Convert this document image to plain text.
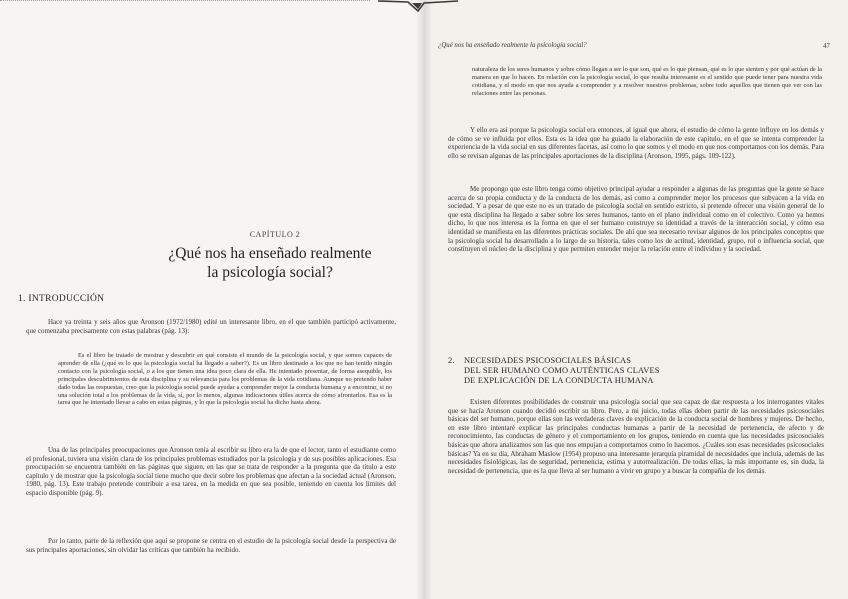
CAPÍTULO 2
¿Qué nos ha enseñado realmente
la psicología social?
1. INTRODUCCIÓN

Hace ya treinta y seis años que Aronson (1972/1980) edité un interesante libro, en el que también participó activamente, que comenzaba precisamente con estas palabras (pág. 13):

Es el libro he tratado de mostrar y descubrir en qué consiste el mundo de la psicología social, y que somos capaces de aprender de ella (¿qué es lo que la psicología social ha llegado a saber?). Es un libro destinado a los que no han tenido ningún contacto con la psicología social, o a los que tienen una idea poco clara de ella. He intentado presentar, de forma asequible, los principales descubrimientos de esta disciplina y su relevancia para los problemas de la vida cotidiana. Aunque no pretendo haber dado todas las respuestas, creo que la psicología social puede ayudar a comprender mejor la conducta humana y a encontrar, si no una solución total a los problemas de la vida, sí, por lo menos, algunas indicaciones útiles acerca de cómo afrontarlos. Esa es la tarea que he intentado llevar a cabo en estas páginas, y lo que la psicología social ha dicho hasta ahora.

Una de las principales preocupaciones que Aronson tenía al escribir su libro era la de que el lector, tanto el estudiante como el profesional, tuviera una visión clara de los principales problemas estudiados por la psicología y de sus posibles aplicaciones. Esa preocupación se encuentra también en las páginas que siguen, en las que se trata de responder a la pregunta que da título a este capítulo y de mostrar que la psicología social tiene mucho que decir sobre los problemas que afectan a la sociedad actual (Aronson, 1980, pág. 13). Este trabajo pretende contribuir a esa tarea, en la medida en que sea posible, teniendo en cuenta los límites del espacio disponible (pág. 9).

Por lo tanto, parte de la reflexión que aquí se propone se centra en el estudio de la psicología social desde la perspectiva de sus principales aportaciones, sin olvidar las críticas que también ha recibido.

¿Qué nos ha enseñado realmente la psicología social?	47

naturaleza de los seres humanos y sobre cómo llegan a ser lo que son, qué es lo que piensan, qué es lo que sienten y por qué actúan de la manera en que lo hacen. En relación con la psicología social, lo que resulta interesante es el sentido que puede tener para nuestra vida cotidiana, y el modo en que nos ayuda a comprender y a resolver nuestros problemas, sobre todo aquellos que tienen que ver con las relaciones entre las personas.

Y ello era así porque la psicología social era entonces, al igual que ahora, el estudio de cómo la gente influye en los demás y de cómo se ve influida por ellos. Esta es la idea que ha guiado la elaboración de este capítulo, en el que se intenta comprender la experiencia de la vida social en sus diferentes facetas, así como lo que somos y el modo en que nos comportamos con los demás. Para ello se revisan algunas de las principales aportaciones de la disciplina (Aronson, 1995, págs. 109-122).

Me propongo que este libro tenga como objetivo principal ayudar a responder a algunas de las preguntas que la gente se hace acerca de su propia conducta y de la conducta de los demás, así como a comprender mejor los procesos que subyacen a la vida en sociedad. Y a pesar de que este no es un tratado de psicología social en sentido estricto, sí pretende ofrecer una visión general de lo que esta disciplina ha llegado a saber sobre los seres humanos, tanto en el plano individual como en el colectivo. Como ya hemos dicho, lo que nos interesa es la forma en que el ser humano construye su identidad a través de la interacción social, y cómo esa identidad se manifiesta en las diferentes prácticas sociales. De ahí que sea necesario revisar algunos de los principales conceptos que la psicología social ha desarrollado a lo largo de su historia, tales como los de actitud, identidad, grupo, rol o influencia social, que constituyen el núcleo de la disciplina y que permiten entender mejor la relación entre el individuo y la sociedad.

2.	NECESIDADES PSICOSOCIALES BÁSICAS
DEL SER HUMANO COMO AUTÉNTICAS CLAVES
DE EXPLICACIÓN DE LA CONDUCTA HUMANA

Existen diferentes posibilidades de construir una psicología social que sea capaz de dar respuesta a los interrogantes vitales que se hacía Aronson cuando decidió escribir su libro. Pero, a mi juicio, todas ellas deben partir de las necesidades psicosociales básicas del ser humano, porque ellas son las verdaderas claves de explicación de la conducta social de hombres y mujeres. De hecho, en este libro intentaré explicar las principales conductas humanas a partir de la necesidad de pertenencia, de afecto y de reconocimiento, las conductas de género y el comportamiento en los grupos, teniendo en cuenta que las necesidades psicosociales básicas que ahora analizamos son las que nos empujan a comportarnos como lo hacemos. ¿Cuáles son esas necesidades psicosociales básicas? Ya en su día, Abraham Maslow (1954) propuso una interesante jerarquía piramidal de necesidades que incluía, además de las necesidades fisiológicas, las de seguridad, pertenencia, estima y autorrealización. De todas ellas, la más importante es, sin duda, la necesidad de pertenencia, que es la que lleva al ser humano a vivir en grupo y a buscar la compañía de los demás.
